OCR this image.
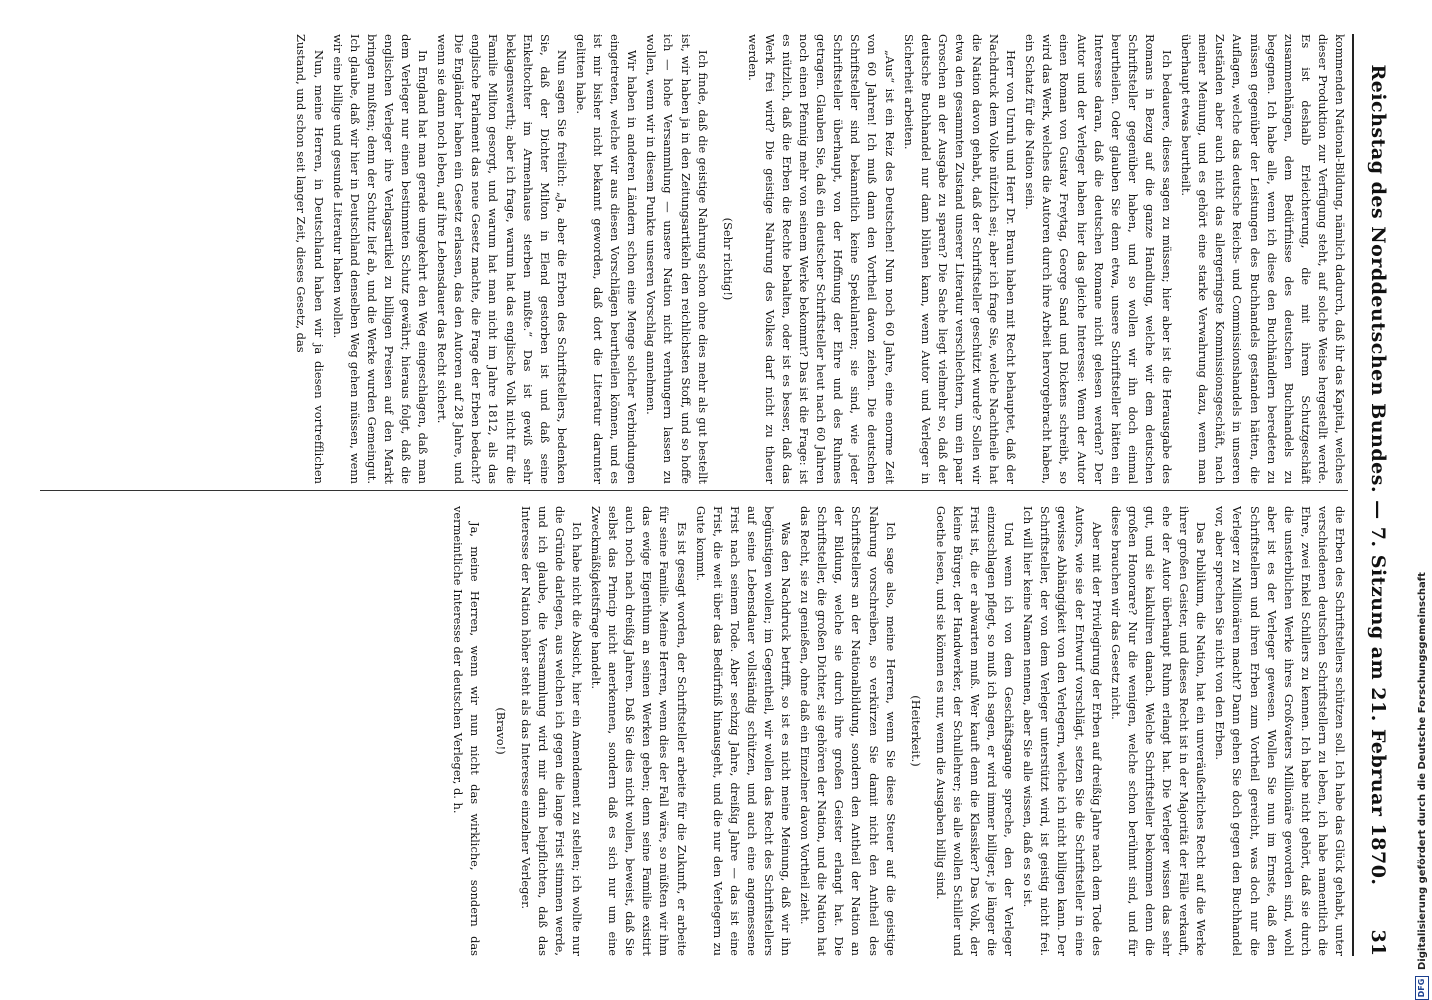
Reichstag des Norddeutschen Bundes. — 7. Sitzung am 21. Februar 1870.
31

kommenden National-Bildung, nämlich dadurch, daß ihr das Kapital, welches dieser Produktion zur Verfügung steht, auf solche Weise hergestellt werde. Es ist deshalb Erleichterung, die mit ihrem Schutzgeschäft zusammenhängen, dem Bedürfnisse des deutschen Buchhandels zu begegnen. Ich habe alle, wenn ich diese den Buchhändlern beredeten zu müssen gegenüber der Leistungen des Buchhandels gestanden hätten, die Auflagen, welche das deutsche Reichs- und Commissionshandels in unseren Zuständen aber auch nicht das allergeringste Kommissionsgeschäft, nach meiner Meinung, und es gehört eine starke Verwahrung dazu, wenn man überhaupt etwas beurtheilt.

Ich bedauere, dieses sagen zu müssen; hier aber ist die Herausgabe des Romans in Bezug auf die ganze Handlung, welche wir dem deutschen Schriftsteller gegenüber haben, und so wollen wir ihn doch einmal beurtheilen. Oder glauben Sie denn etwa, unsere Schriftsteller hätten ein Interesse daran, daß die deutschen Romane nicht gelesen werden? Der Autor und der Verleger haben hier das gleiche Interesse: Wenn der Autor einen Roman von Gustav Freytag, George Sand und Dickens schreibt, so wird das Werk, welches die Autoren durch ihre Arbeit hervorgebracht haben, ein Schatz für die Nation sein.

Herr von Unruh und Herr Dr. Braun haben mit Recht behauptet, daß der Nachdruck dem Volke nützlich sei; aber ich frage Sie, welche Nachtheile hat die Nation davon gehabt, daß der Schriftsteller geschützt wurde? Sollen wir etwa den gesammten Zustand unserer Literatur verschlechtern, um ein paar Groschen an der Ausgabe zu sparen? Die Sache liegt vielmehr so, daß der deutsche Buchhandel nur dann blühen kann, wenn Autor und Verleger in Sicherheit arbeiten.

„Aus“ ist ein Reiz des Deutschen! Nun noch 60 Jahre, eine enorme Zeit von 60 Jahren! Ich muß dann den Vortheil davon ziehen. Die deutschen Schriftsteller sind bekanntlich keine Spekulanten; sie sind, wie jeder Schriftsteller überhaupt, von der Hoffnung der Ehre und des Ruhmes getragen. Glauben Sie, daß ein deutscher Schriftsteller heut nach 60 Jahren noch einen Pfennig mehr von seinem Werke bekommt? Das ist die Frage: ist es nützlich, daß die Erben die Rechte behalten, oder ist es besser, daß das Werk frei wird? Die geistige Nahrung des Volkes darf nicht zu theuer werden.

(Sehr richtig!)

Ich finde, daß die geistige Nahrung schon ohne dies mehr als gut bestellt ist, wir haben ja in den Zeitungsartikeln den reichlichsten Stoff, und so hoffe ich — hohe Versammlung — unsere Nation nicht verhungern lassen zu wollen, wenn wir in diesem Punkte unseren Vorschlag annehmen.

Wir haben in anderen Ländern schon eine Menge solcher Verbindungen eingetreten, welche wir aus diesen Vorschlägen beurtheilen können, und es ist mir bisher nicht bekannt geworden, daß dort die Literatur darunter gelitten habe.

Nun sagen Sie freilich: „Ja, aber die Erben des Schriftstellers, bedenken Sie, daß der Dichter Milton in Elend gestorben ist und daß seine Enkeltochter im Armenhause sterben mußte.“ Das ist gewiß sehr beklagenswerth; aber ich frage, warum hat das englische Volk nicht für die Familie Milton gesorgt, und warum hat man nicht im Jahre 1812, als das englische Parlament das neue Gesetz machte, die Frage der Erben bedacht? Die Engländer haben ein Gesetz erlassen, das den Autoren auf 28 Jahre, und wenn sie dann noch leben, auf ihre Lebensdauer das Recht sichert.

In England hat man gerade umgekehrt den Weg eingeschlagen, daß man dem Verleger nur einen bestimmten Schutz gewährt; hieraus folgt, daß die englischen Verleger ihre Verlagsartikel zu billigen Preisen auf den Markt bringen mußten; denn der Schutz lief ab, und die Werke wurden Gemeingut. Ich glaube, daß wir hier in Deutschland denselben Weg gehen müssen, wenn wir eine billige und gesunde Literatur haben wollen.

Nun, meine Herren, in Deutschland haben wir ja diesen vortrefflichen Zustand, und schon seit langer Zeit, dieses Gesetz, das

die Erben des Schriftstellers schützen soll. Ich habe das Glück gehabt, unter verschiedenen deutschen Schriftstellern zu leben, ich habe namentlich die Ehre, zwei Enkel Schillers zu kennen. Ich habe nicht gehört, daß sie durch die unsterblichen Werke ihres Großvaters Millionäre geworden sind, wohl aber ist es der Verleger gewesen. Wollen Sie nun im Ernste, daß den Schriftstellern und ihren Erben zum Vortheil gereicht, was doch nur die Verleger zu Millionären macht? Dann gehen Sie doch gegen den Buchhandel vor, aber sprechen Sie nicht von den Erben.

Das Publikum, die Nation, hat ein unveräußerliches Recht auf die Werke ihrer großen Geister, und dieses Recht ist in der Majorität der Fälle verkauft, ehe der Autor überhaupt Ruhm erlangt hat. Die Verleger wissen das sehr gut, und sie kalkuliren danach. Welche Schriftsteller bekommen denn die großen Honorare? Nur die wenigen, welche schon berühmt sind, und für diese brauchen wir das Gesetz nicht.

Aber mit der Privilegirung der Erben auf dreißig Jahre nach dem Tode des Autors, wie sie der Entwurf vorschlägt, setzen Sie die Schriftsteller in eine gewisse Abhängigkeit von den Verlegern, welche ich nicht billigen kann. Der Schriftsteller, der von dem Verleger unterstützt wird, ist geistig nicht frei. Ich will hier keine Namen nennen, aber Sie alle wissen, daß es so ist.

Und wenn ich von dem Geschäftsgange spreche, den der Verleger einzuschlagen pflegt, so muß ich sagen, er wird immer billiger, je länger die Frist ist, die er abwarten muß. Wer kauft denn die Klassiker? Das Volk, der kleine Bürger, der Handwerker, der Schullehrer; sie alle wollen Schiller und Goethe lesen, und sie können es nur, wenn die Ausgaben billig sind.

(Heiterkeit.)

Ich sage also, meine Herren, wenn Sie diese Steuer auf die geistige Nahrung vorschreiben, so verkürzen Sie damit nicht den Antheil des Schriftstellers an der Nationalbildung, sondern den Antheil der Nation an der Bildung, welche sie durch ihre großen Geister erlangt hat. Die Schriftsteller, die großen Dichter, sie gehören der Nation, und die Nation hat das Recht, sie zu genießen, ohne daß ein Einzelner davon Vortheil zieht.

Was den Nachdruck betrifft, so ist es nicht meine Meinung, daß wir ihn begünstigen wollen; im Gegentheil, wir wollen das Recht des Schriftstellers auf seine Lebensdauer vollständig schützen, und auch eine angemessene Frist nach seinem Tode. Aber sechzig Jahre, dreißig Jahre — das ist eine Frist, die weit über das Bedürfniß hinausgeht, und die nur den Verlegern zu Gute kommt.

Es ist gesagt worden, der Schriftsteller arbeite für die Zukunft, er arbeite für seine Familie. Meine Herren, wenn dies der Fall wäre, so müßten wir ihm das ewige Eigenthum an seinen Werken geben; denn seine Familie existirt auch noch nach dreißig Jahren. Daß Sie dies nicht wollen, beweist, daß Sie selbst das Princip nicht anerkennen, sondern daß es sich nur um eine Zweckmäßigkeitsfrage handelt.

Ich habe nicht die Absicht, hier ein Amendement zu stellen; ich wollte nur die Gründe darlegen, aus welchen ich gegen die lange Frist stimmen werde, und ich glaube, die Versammlung wird mir darin beipflichten, daß das Interesse der Nation höher steht als das Interesse einzelner Verleger.

(Bravo!)

Ja, meine Herren, wenn wir nun nicht das wirkliche, sondern das vermeintliche Interesse der deutschen Verleger, d. h.

DFG
Digitalisierung gefördert durch die Deutsche Forschungsgemeinschaft
